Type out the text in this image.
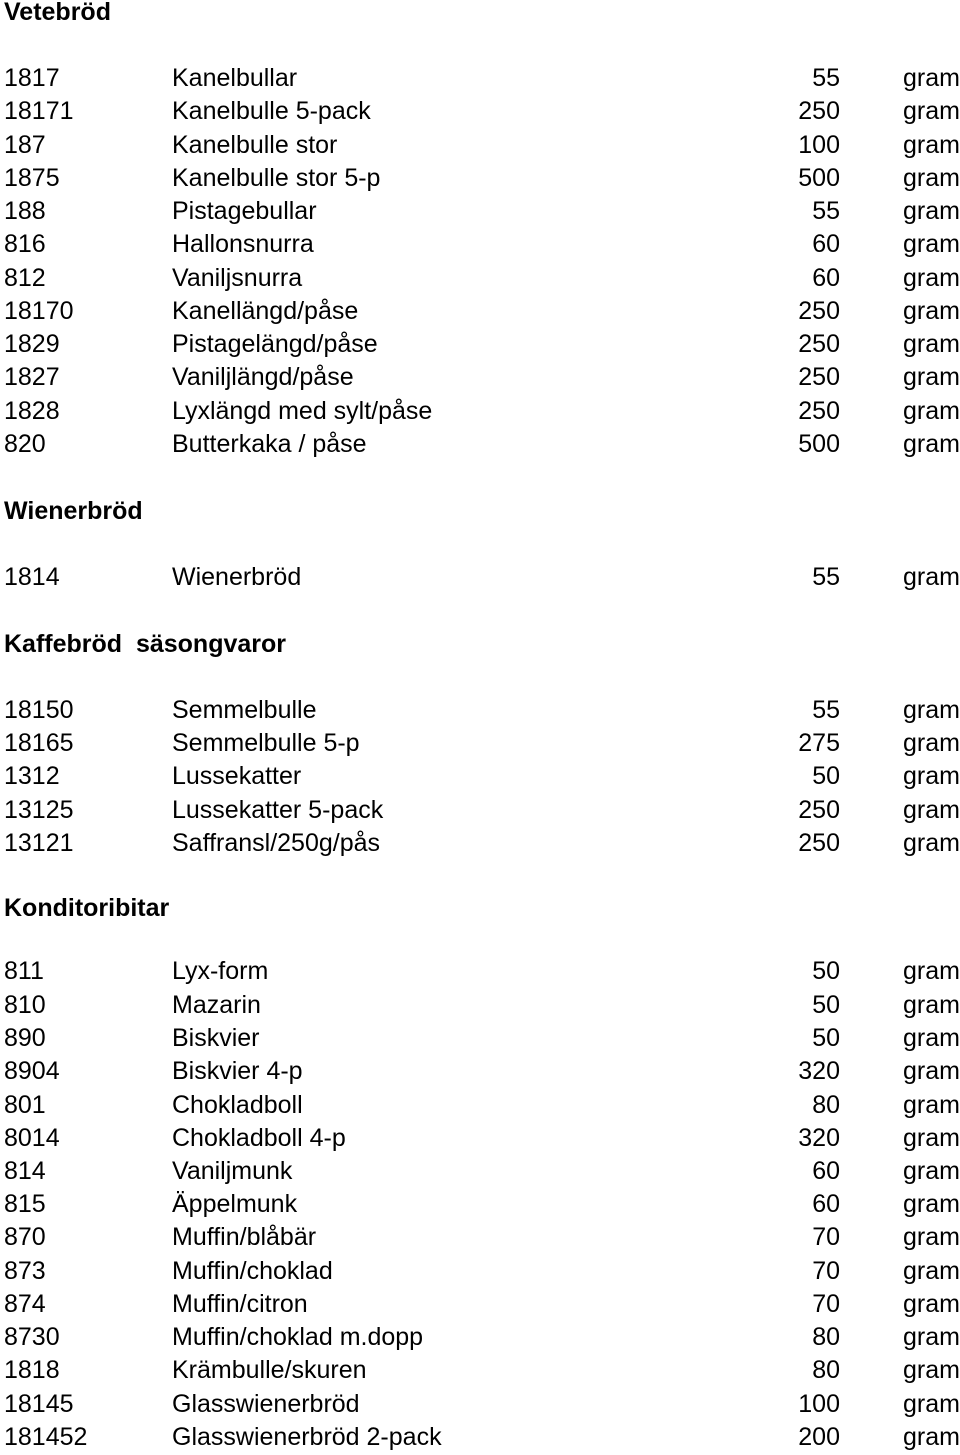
Vetebröd
1817	Kanelbullar	55	gram
18171	Kanelbulle 5-pack	250	gram
187	Kanelbulle stor	100	gram
1875	Kanelbulle stor 5-p	500	gram
188	Pistagebullar	55	gram
816	Hallonsnurra	60	gram
812	Vaniljsnurra	60	gram
18170	Kanellängd/påse	250	gram
1829	Pistagelängd/påse	250	gram
1827	Vaniljlängd/påse	250	gram
1828	Lyxlängd med sylt/påse	250	gram
820	Butterkaka / påse	500	gram
Wienerbröd
1814	Wienerbröd	55	gram
Kaffebröd  säsongvaror
18150	Semmelbulle	55	gram
18165	Semmelbulle 5-p	275	gram
1312	Lussekatter	50	gram
13125	Lussekatter 5-pack	250	gram
13121	Saffransl/250g/pås	250	gram
Konditoribitar
811	Lyx-form	50	gram
810	Mazarin	50	gram
890	Biskvier	50	gram
8904	Biskvier 4-p	320	gram
801	Chokladboll	80	gram
8014	Chokladboll 4-p	320	gram
814	Vaniljmunk	60	gram
815	Äppelmunk	60	gram
870	Muffin/blåbär	70	gram
873	Muffin/choklad	70	gram
874	Muffin/citron	70	gram
8730	Muffin/choklad m.dopp	80	gram
1818	Krämbulle/skuren	80	gram
18145	Glasswienerbröd	100	gram
181452	Glasswienerbröd 2-pack	200	gram
